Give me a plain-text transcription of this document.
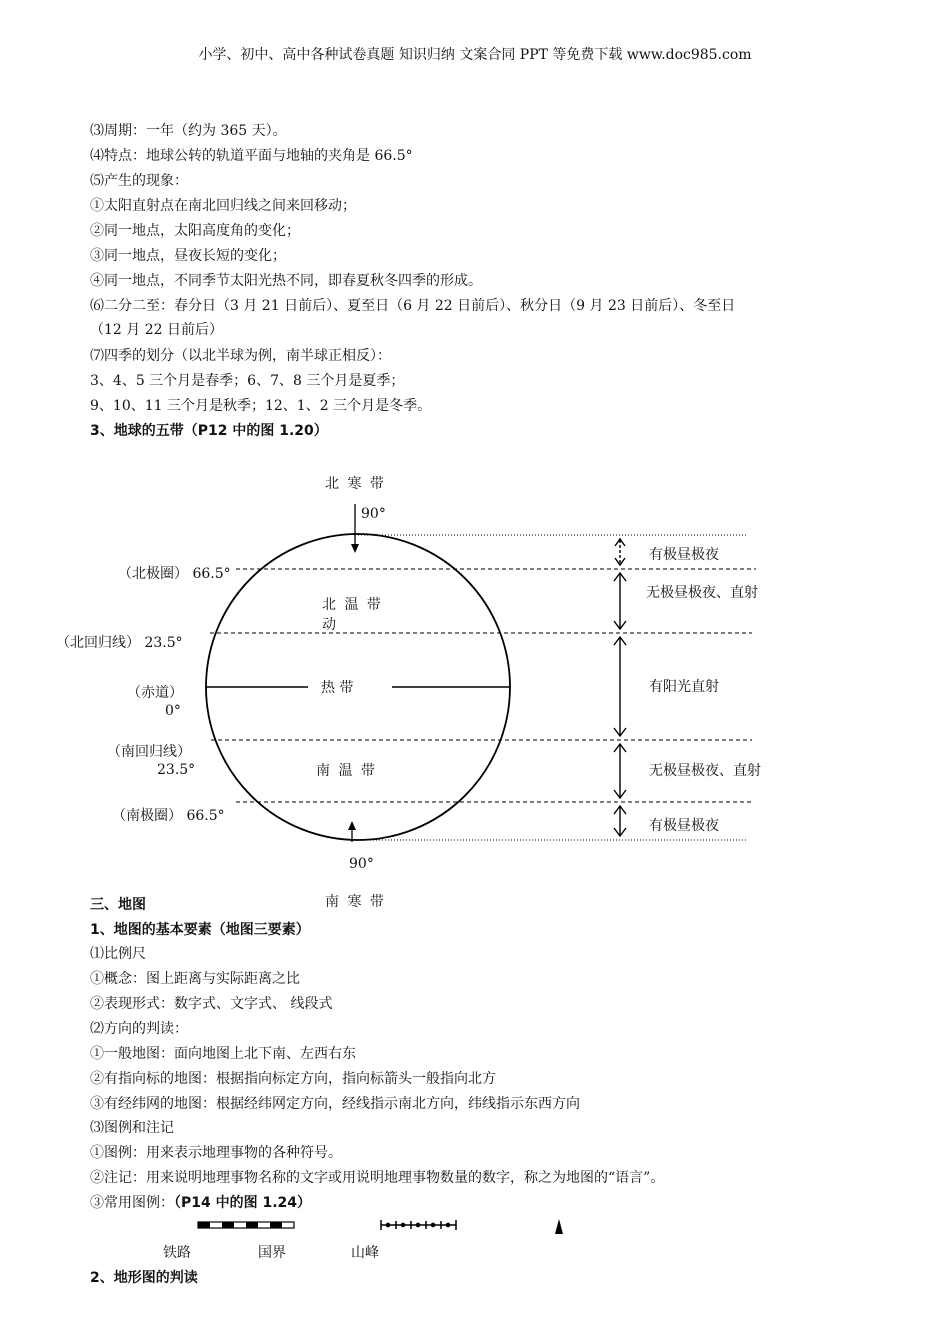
小学、初中、高中各种试卷真题 知识归纳 文案合同 PPT 等免费下载 www.doc985.com
⑶周期：一年（约为 365 天）。
⑷特点：地球公转的轨道平面与地轴的夹角是 66.5°
⑸产生的现象：
①太阳直射点在南北回归线之间来回移动；
②同一地点，太阳高度角的变化；
③同一地点，昼夜长短的变化；
④同一地点，不同季节太阳光热不同，即春夏秋冬四季的形成。
⑹二分二至：春分日（3 月 21 日前后）、夏至日（6 月 22 日前后）、秋分日（9 月 23 日前后）、冬至日
（12 月 22 日前后）
⑺四季的划分（以北半球为例，南半球正相反）：
3、4、5 三个月是春季；6、7、8 三个月是夏季；
9、10、11 三个月是秋季；12、1、2 三个月是冬季。
3、地球的五带（P12 中的图 1.20）
北 寒 带
90°
（北极圈） 66.5°
北 温 带
动
（北回归线） 23.5°
（赤道）
0°
热 带
（南回归线）
23.5°	南 温 带
（南极圈） 66.5°
90°
南 寒 带
有极昼极夜
无极昼极夜、直射
有阳光直射
无极昼极夜、直射
有极昼极夜
三、地图
1、地图的基本要素（地图三要素）
⑴比例尺
①概念：图上距离与实际距离之比
②表现形式：数字式、文字式、 线段式
⑵方向的判读：
①一般地图：面向地图上北下南、左西右东
②有指向标的地图：根据指向标定方向，指向标箭头一般指向北方
③有经纬网的地图：根据经纬网定方向，经线指示南北方向，纬线指示东西方向
⑶图例和注记
①图例：用来表示地理事物的各种符号。
②注记：用来说明地理事物名称的文字或用说明地理事物数量的数字，称之为地图的“语言”。
③常用图例：（P14 中的图 1.24）
铁路	国界	山峰
2、地形图的判读
